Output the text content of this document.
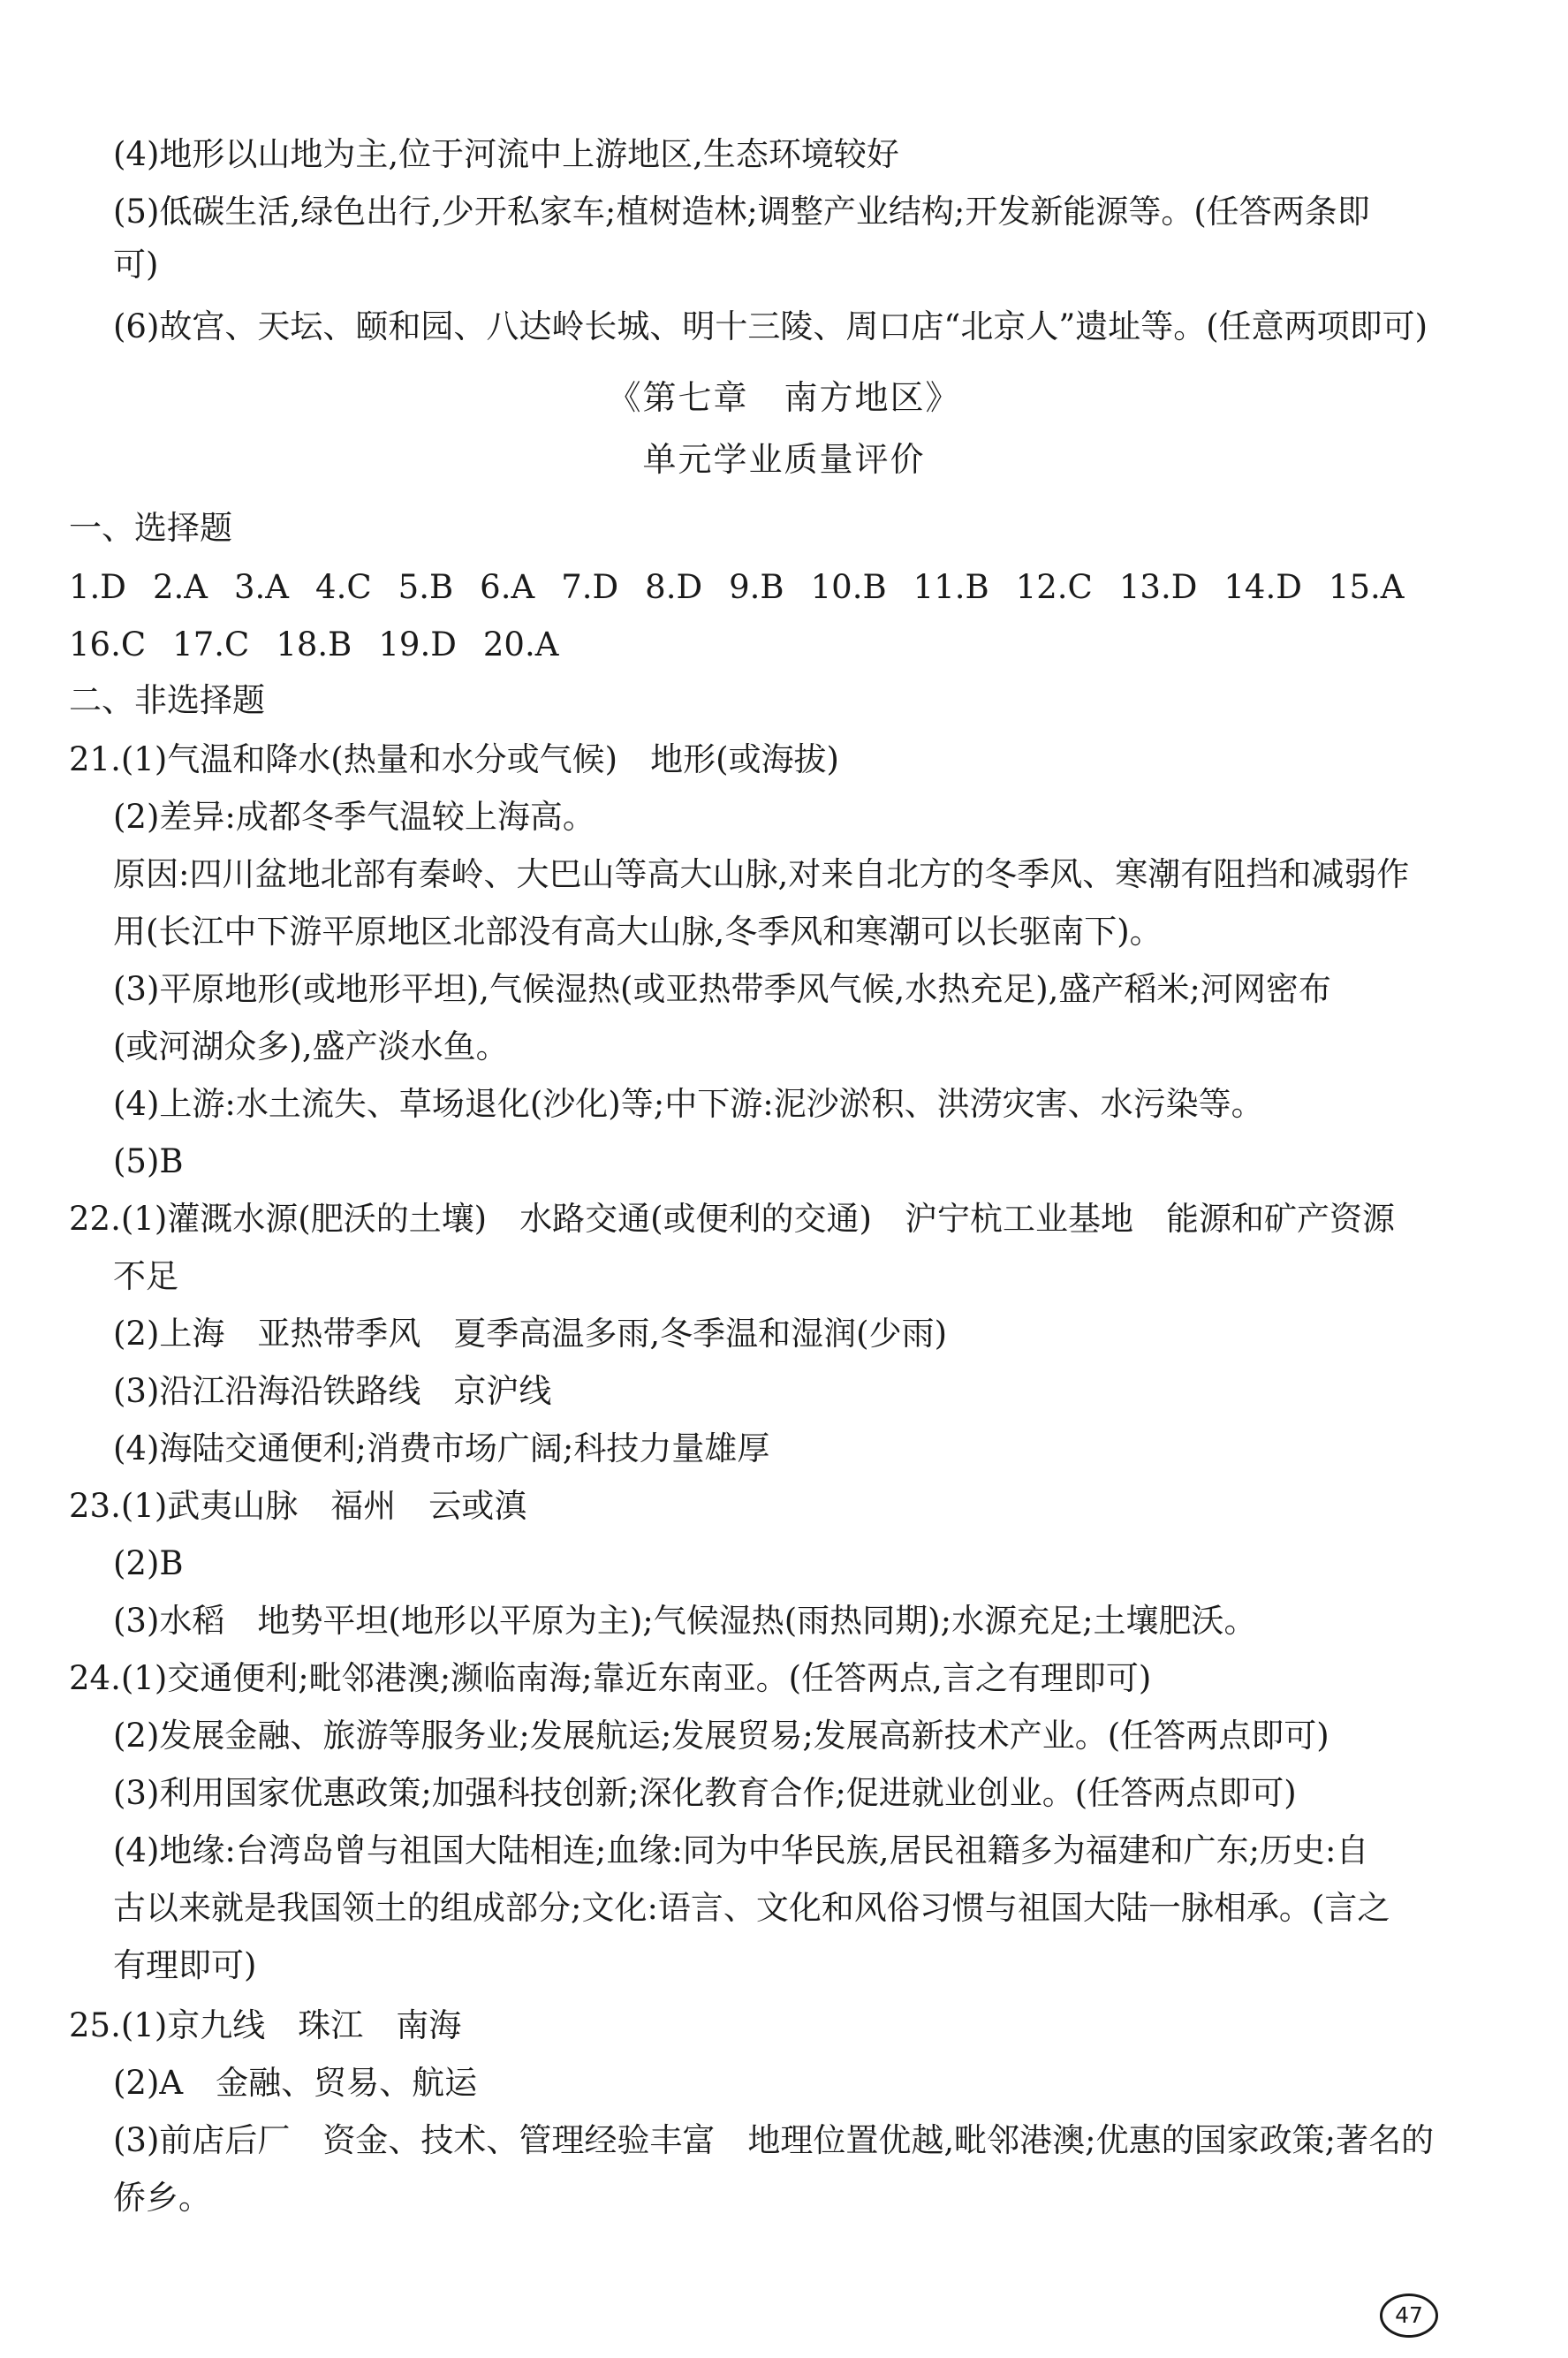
(4)地形以山地为主,位于河流中上游地区,生态环境较好
(5)低碳生活,绿色出行,少开私家车;植树造林;调整产业结构;开发新能源等。(任答两条即
可)
(6)故宫、天坛、颐和园、八达岭长城、明十三陵、周口店“北京人”遗址等。(任意两项即可)
《第七章　南方地区》
单元学业质量评价
一、选择题
1.D 2.A 3.A 4.C 5.B 6.A 7.D 8.D 9.B 10.B 11.B 12.C 13.D 14.D 15.A
16.C 17.C 18.B 19.D 20.A
二、非选择题
21.(1)气温和降水(热量和水分或气候)　地形(或海拔)
(2)差异:成都冬季气温较上海高。
原因:四川盆地北部有秦岭、大巴山等高大山脉,对来自北方的冬季风、寒潮有阻挡和减弱作
用(长江中下游平原地区北部没有高大山脉,冬季风和寒潮可以长驱南下)。
(3)平原地形(或地形平坦),气候湿热(或亚热带季风气候,水热充足),盛产稻米;河网密布
(或河湖众多),盛产淡水鱼。
(4)上游:水土流失、草场退化(沙化)等;中下游:泥沙淤积、洪涝灾害、水污染等。
(5)B
22.(1)灌溉水源(肥沃的土壤)　水路交通(或便利的交通)　沪宁杭工业基地　能源和矿产资源
不足
(2)上海　亚热带季风　夏季高温多雨,冬季温和湿润(少雨)
(3)沿江沿海沿铁路线　京沪线
(4)海陆交通便利;消费市场广阔;科技力量雄厚
23.(1)武夷山脉　福州　云或滇
(2)B
(3)水稻　地势平坦(地形以平原为主);气候湿热(雨热同期);水源充足;土壤肥沃。
24.(1)交通便利;毗邻港澳;濒临南海;靠近东南亚。(任答两点,言之有理即可)
(2)发展金融、旅游等服务业;发展航运;发展贸易;发展高新技术产业。(任答两点即可)
(3)利用国家优惠政策;加强科技创新;深化教育合作;促进就业创业。(任答两点即可)
(4)地缘:台湾岛曾与祖国大陆相连;血缘:同为中华民族,居民祖籍多为福建和广东;历史:自
古以来就是我国领土的组成部分;文化:语言、文化和风俗习惯与祖国大陆一脉相承。(言之
有理即可)
25.(1)京九线　珠江　南海
(2)A　金融、贸易、航运
(3)前店后厂　资金、技术、管理经验丰富　地理位置优越,毗邻港澳;优惠的国家政策;著名的
侨乡。
47
